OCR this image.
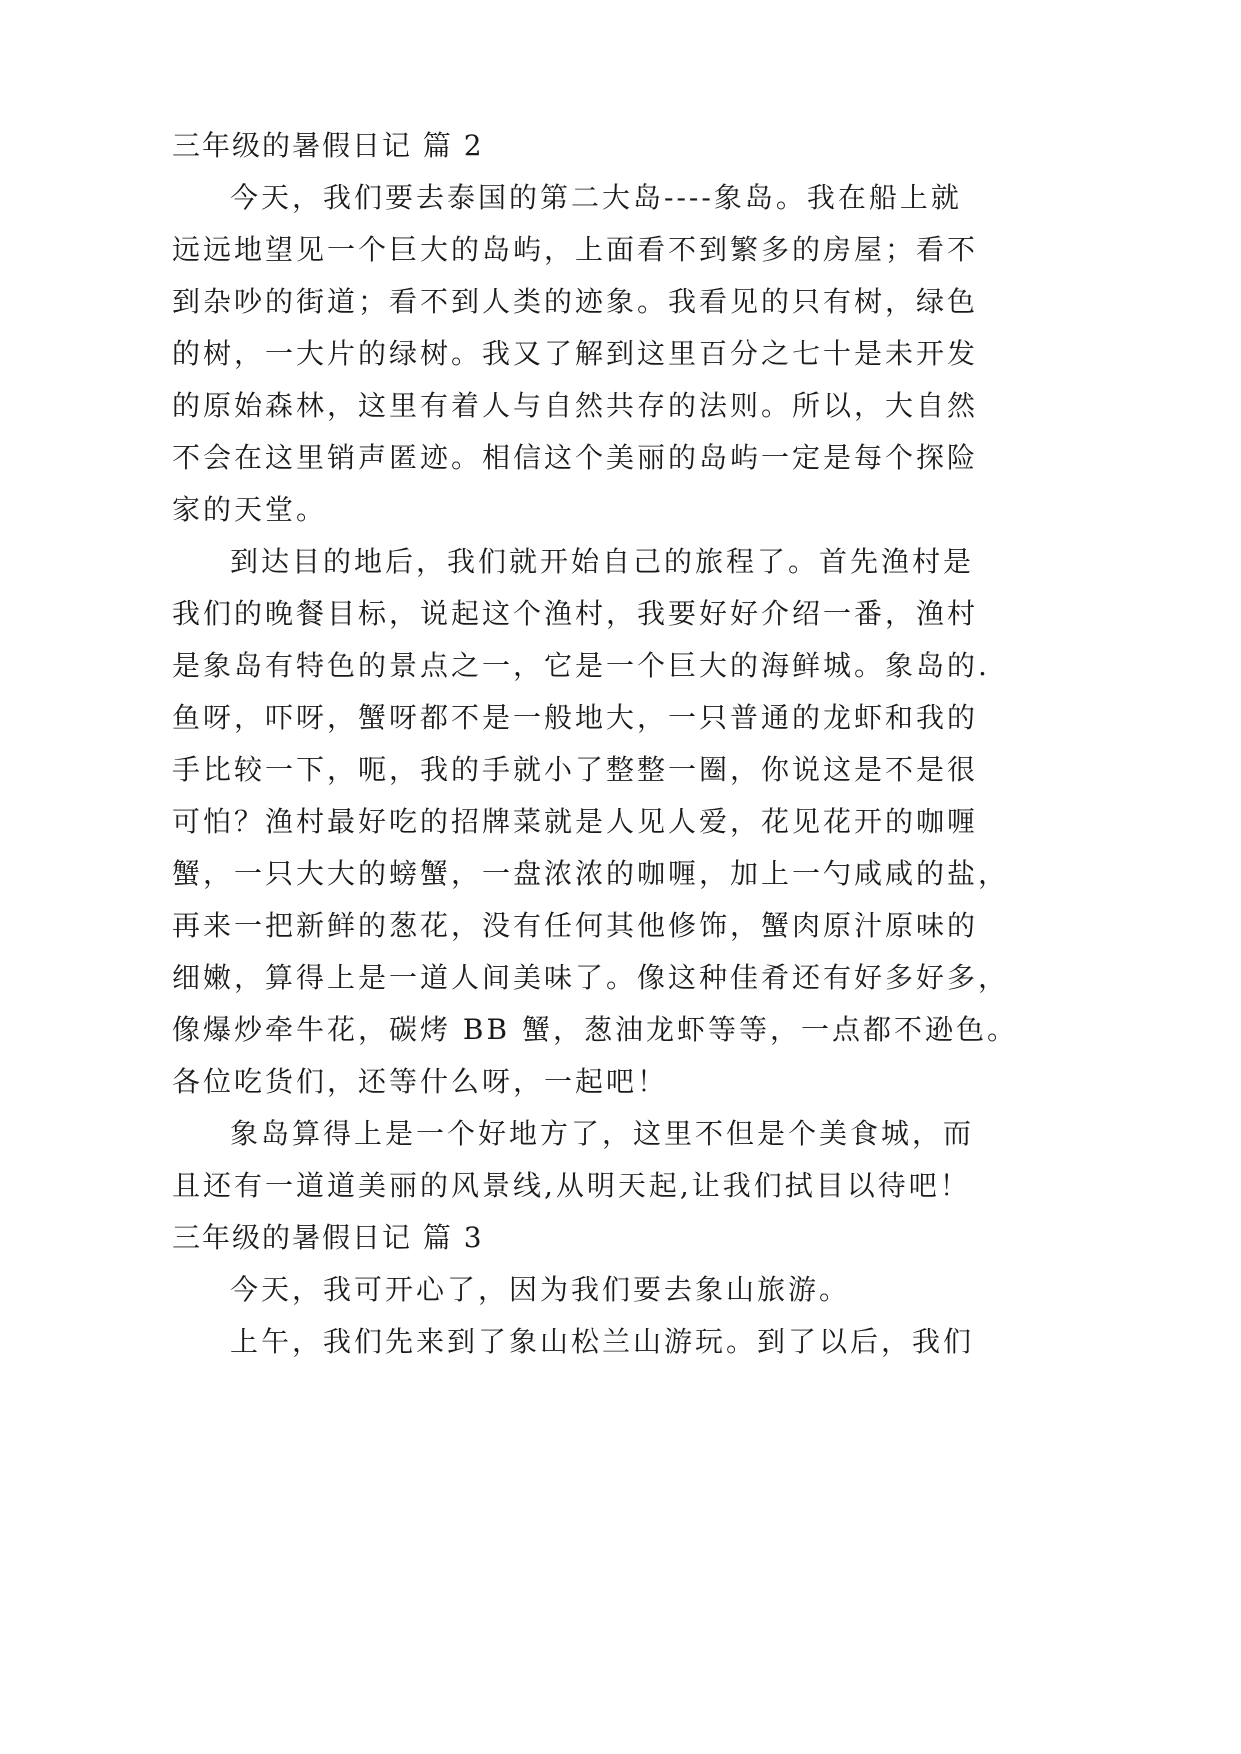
三年级的暑假日记 篇 2
今天，我们要去泰国的第二大岛----象岛。我在船上就
远远地望见一个巨大的岛屿，上面看不到繁多的房屋；看不
到杂吵的街道；看不到人类的迹象。我看见的只有树，绿色
的树，一大片的绿树。我又了解到这里百分之七十是未开发
的原始森林，这里有着人与自然共存的法则。所以，大自然
不会在这里销声匿迹。相信这个美丽的岛屿一定是每个探险
家的天堂。
到达目的地后，我们就开始自己的旅程了。首先渔村是
我们的晚餐目标，说起这个渔村，我要好好介绍一番，渔村
是象岛有特色的景点之一，它是一个巨大的海鲜城。象岛的.
鱼呀，吓呀，蟹呀都不是一般地大，一只普通的龙虾和我的
手比较一下，呃，我的手就小了整整一圈，你说这是不是很
可怕？渔村最好吃的招牌菜就是人见人爱，花见花开的咖喱
蟹，一只大大的螃蟹，一盘浓浓的咖喱，加上一勺咸咸的盐，
再来一把新鲜的葱花，没有任何其他修饰，蟹肉原汁原味的
细嫩，算得上是一道人间美味了。像这种佳肴还有好多好多，
像爆炒牵牛花，碳烤 BB 蟹，葱油龙虾等等，一点都不逊色。
各位吃货们，还等什么呀，一起吧！
象岛算得上是一个好地方了，这里不但是个美食城，而
且还有一道道美丽的风景线,从明天起,让我们拭目以待吧！
三年级的暑假日记 篇 3
今天，我可开心了，因为我们要去象山旅游。
上午，我们先来到了象山松兰山游玩。到了以后，我们
